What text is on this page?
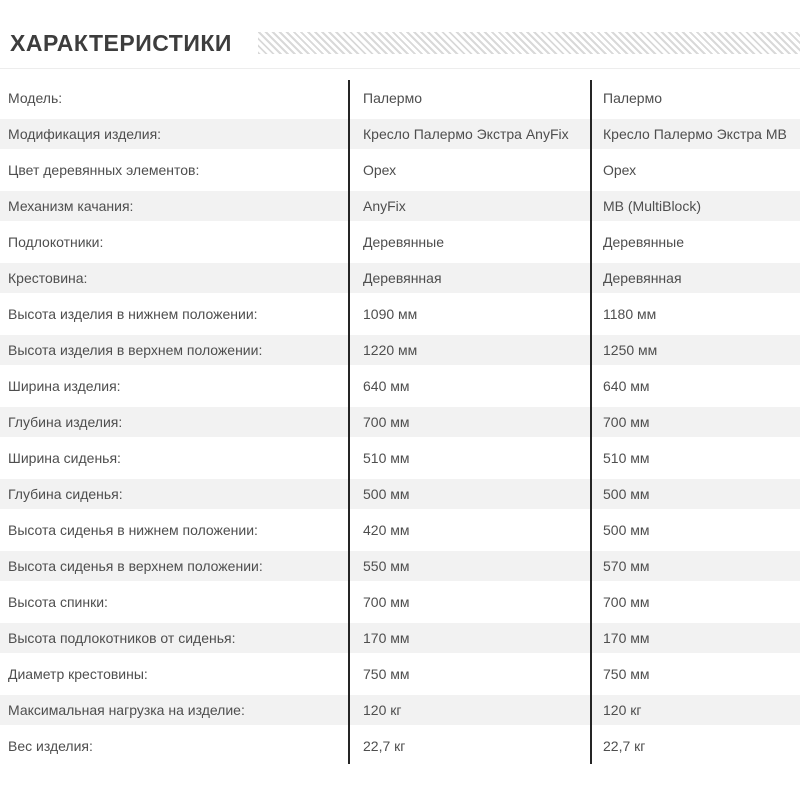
ХАРАКТЕРИСТИКИ
Модель:	Палермо	Палермо
Модификация изделия:	Кресло Палермо Экстра AnyFix	Кресло Палермо Экстра МВ
Цвет деревянных элементов:	Орех	Орех
Механизм качания:	AnyFix	MB (MultiBlock)
Подлокотники:	Деревянные	Деревянные
Крестовина:	Деревянная	Деревянная
Высота изделия в нижнем положении:	1090 мм	1180 мм
Высота изделия в верхнем положении:	1220 мм	1250 мм
Ширина изделия:	640 мм	640 мм
Глубина изделия:	700 мм	700 мм
Ширина сиденья:	510 мм	510 мм
Глубина сиденья:	500 мм	500 мм
Высота сиденья в нижнем положении:	420 мм	500 мм
Высота сиденья в верхнем положении:	550 мм	570 мм
Высота спинки:	700 мм	700 мм
Высота подлокотников от сиденья:	170 мм	170 мм
Диаметр крестовины:	750 мм	750 мм
Максимальная нагрузка на изделие:	120 кг	120 кг
Вес изделия:	22,7 кг	22,7 кг
